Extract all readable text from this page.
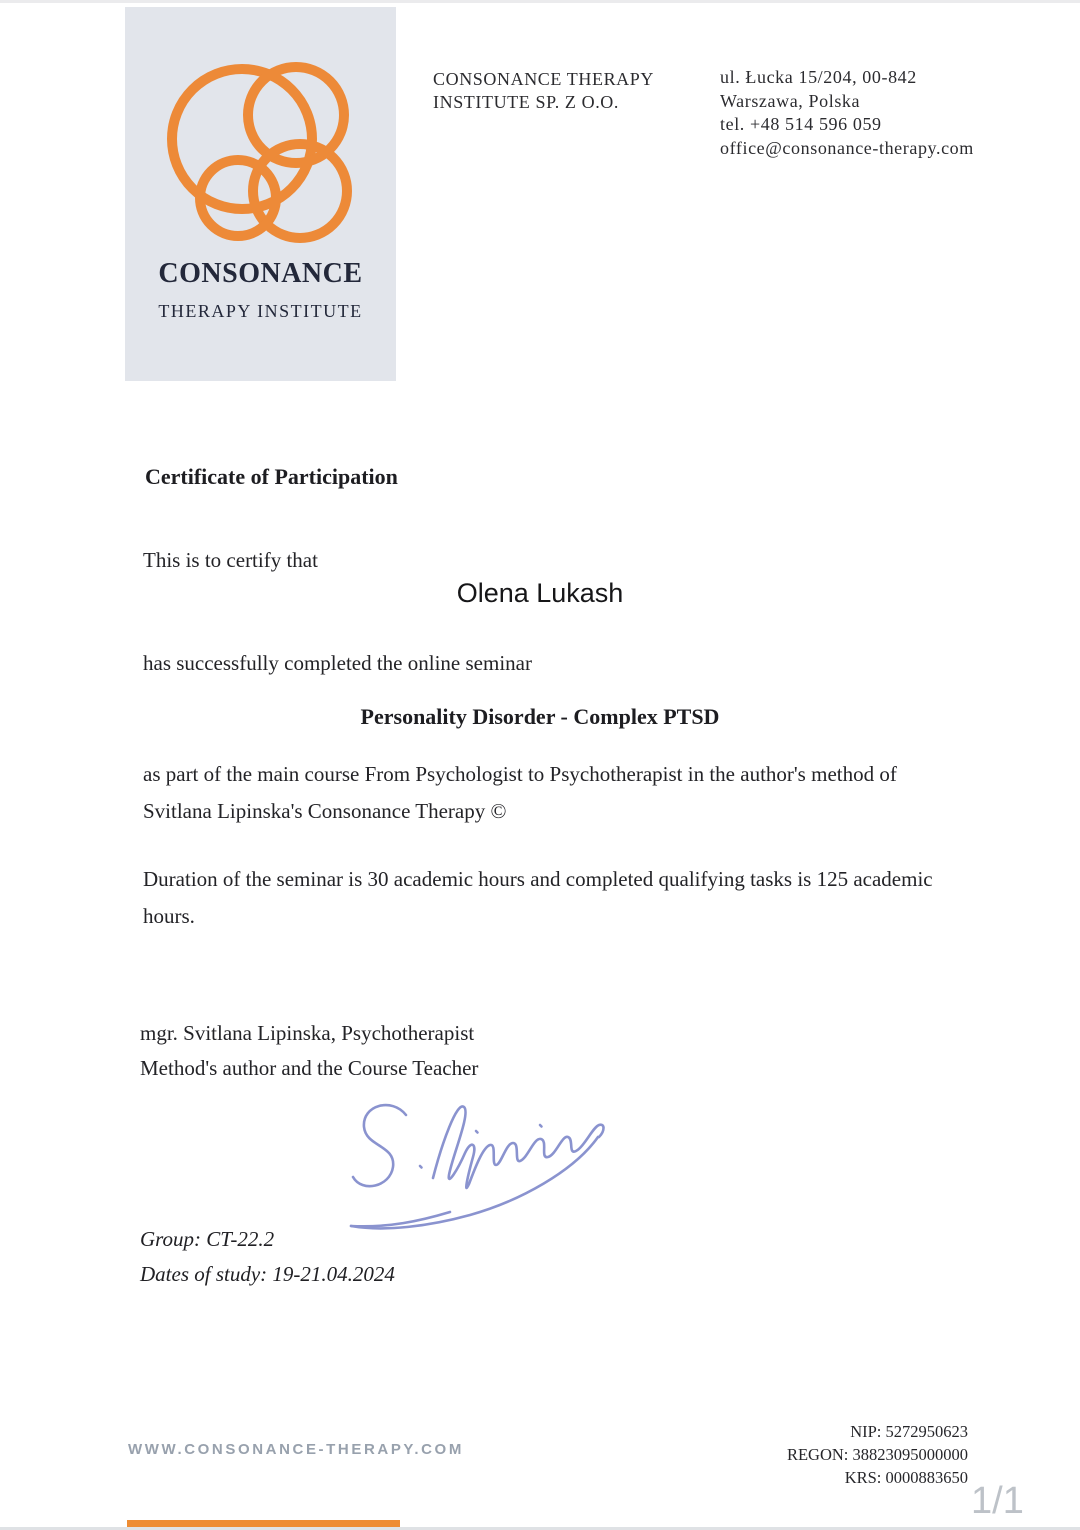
CONSONANCE
THERAPY INSTITUTE
CONSONANCE THERAPY
INSTITUTE SP. Z O.O.
ul. Łucka 15/204, 00-842
Warszawa, Polska
tel. +48 514 596 059
office@consonance-therapy.com
Certificate of Participation
This is to certify that
Olena Lukash
has successfully completed the online seminar
Personality Disorder - Complex PTSD
as part of the main course From Psychologist to Psychotherapist in the author's method of
Svitlana Lipinska's Consonance Therapy ©
Duration of the seminar is 30 academic hours and completed qualifying tasks is 125 academic
hours.
mgr. Svitlana Lipinska, Psychotherapist
Method's author and the Course Teacher
Group: CT-22.2
Dates of study: 19-21.04.2024
WWW.CONSONANCE-THERAPY.COM
NIP: 5272950623
REGON: 38823095000000
KRS: 0000883650
1/1
